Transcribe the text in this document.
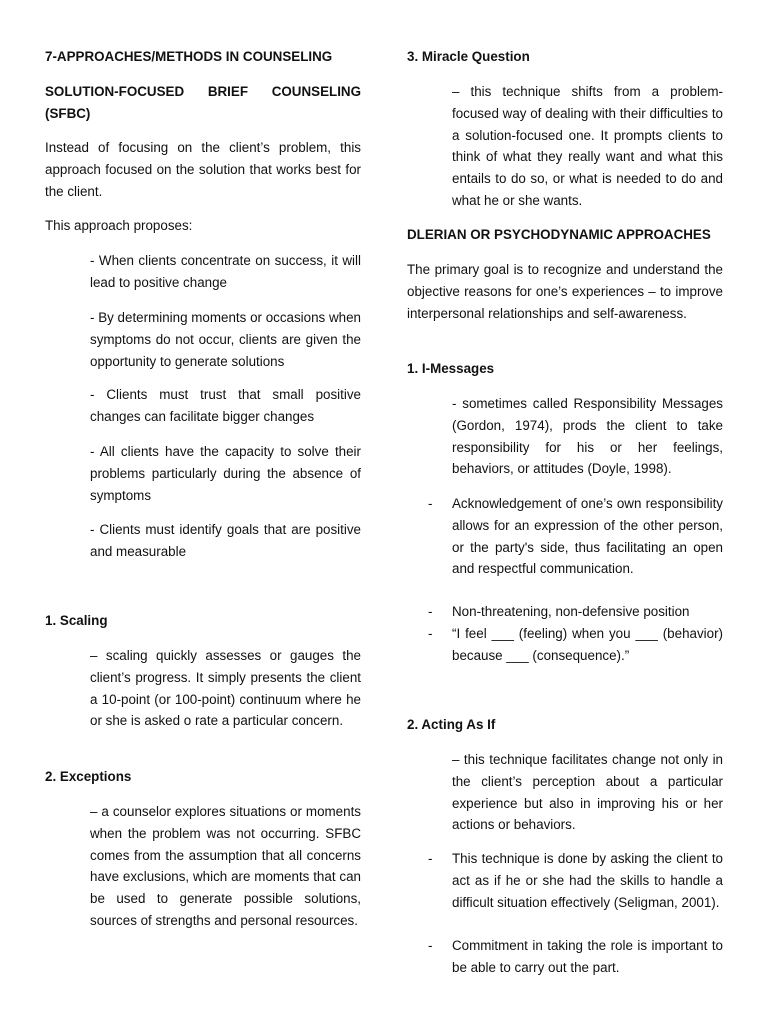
7-APPROACHES/METHODS IN COUNSELING

SOLUTION-FOCUSED BRIEF COUNSELING (SFBC)

Instead of focusing on the client’s problem, this approach focused on the solution that works best for the client.

This approach proposes:

- When clients concentrate on success, it will lead to positive change

- By determining moments or occasions when symptoms do not occur, clients are given the opportunity to generate solutions

- Clients must trust that small positive changes can facilitate bigger changes

- All clients have the capacity to solve their problems particularly during the absence of symptoms

- Clients must identify goals that are positive and measurable

1. Scaling

– scaling quickly assesses or gauges the client’s progress. It simply presents the client a 10-point (or 100-point) continuum where he or she is asked o rate a particular concern.

2. Exceptions

– a counselor explores situations or moments when the problem was not occurring. SFBC comes from the assumption that all concerns have exclusions, which are moments that can be used to generate possible solutions, sources of strengths and personal resources.

3. Miracle Question

– this technique shifts from a problem-focused way of dealing with their difficulties to a solution-focused one. It prompts clients to think of what they really want and what this entails to do so, or what is needed to do and what he or she wants.

DLERIAN OR PSYCHODYNAMIC APPROACHES

The primary goal is to recognize and understand the objective reasons for one’s experiences – to improve interpersonal relationships and self-awareness.

1. I-Messages

- sometimes called Responsibility Messages (Gordon, 1974), prods the client to take responsibility for his or her feelings, behaviors, or attitudes (Doyle, 1998).

- Acknowledgement of one’s own responsibility allows for an expression of the other person, or the party's side, thus facilitating an open and respectful communication.

- Non-threatening, non-defensive position

- “I feel ___ (feeling) when you ___ (behavior) because ___ (consequence).”

2. Acting As If

– this technique facilitates change not only in the client’s perception about a particular experience but also in improving his or her actions or behaviors.

- This technique is done by asking the client to act as if he or she had the skills to handle a difficult situation effectively (Seligman, 2001).

- Commitment in taking the role is important to be able to carry out the part.
